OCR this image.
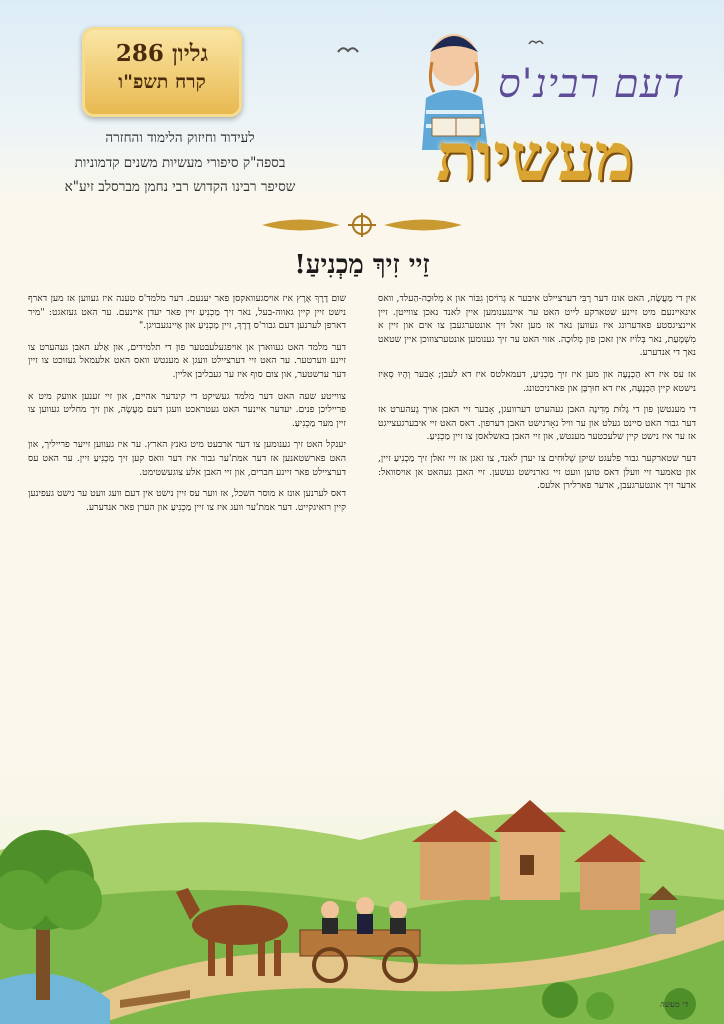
גליון 286
קרח תשפ"ו
לעידוד וחיזוק הלימוד והחזרה
בספה"ק סיפורי מעשיות משנים קדמוניות
שסיפר רבינו הקדוש רבי נחמן מברסלב זיע"א
דעם רבינ'ס
מעשיות
זַיי זִיךְ מַכְנִיעַ!

אין די מַעֲשֶׂה, האט אונז דער רֶבִּי דערציילט איבער א גְרוֹיסן גִבּוֹר און א מְלוּכָה-הַעלד, וואס אינאיינעם מיט זיינע שטארקע לייט האט ער איינגענומען איין לאנד נאכן צווייטן. זיין איינציגסטע פאדערונג איז געווען נאר אז מען זאל זיך אונטערגעבן צו אים און זיין א מִשְׁמָעַת, נאר בְּלוֹיז אין זאכן פון מְלוּכָה. אזוי האט ער זיך גענומען אונטערצוזוכן איין שטאט נאך די אנדערע.

אז עס איז דא הַכְנָעָה און מען איז זיך מַכְנִיעַ, דעמאלטס איז דא לעבן; אָבער וְהָיוּ סְאִיז נישטא קיין הַכְנָעָה, איז דא חוּרְבָּן און פארניכטונג.

די מענטשן פון די גָלוּת מְדִינָה האבן געהערט דערוועגן, אָבער זיי האבן אויך גֶעהערט אז דער גבור האט סיינט געלט און ער וויל נאָרנישט האבן דערפון. דאס האט זיי איבערגעצייגט אז ער איז נישט קיין שלעכטער מענטש, און זיי האבן באשלאסן צו זיין מַכְנִיעַ.

דער שטארקער גבור פלעגט שיקן שְׁלוּחִים צו יעדן לאנד, צו זאגן אז זיי זאלן זיך מַכְנִיעַ זיין, און טאמער זיי וועלן דאס טוען וועט זיי גארנישט געשען. זיי האבן געהאט אן אויסוואל: אדער זיך אונטערגעבן, אדער פארלירן אלעס.

שום דֶרֶךְ אֶרֶץ איז אויסגעוואקסן פאר יענעם. דער מלמד'ס טענה איז געווען אז מען דארף נישט זיין קיין גאווה-בעל, נאר זיך מַכְנִיעַ זיין פאר יעדן איינעם. ער האט געזאגט: "מיר דארפן לערנען דעם גבור'ס דֶרֶךְ, זיין מַכְנִיעַ און אַיינגעבויגן."

דער מלמד האט געווארן אן אויפגעלעבטער פון די תלמידים, און אַלע האבן געהערט צו זיינע ווערטער. ער האט זיי דערציילט וועגן א מענטש וואס האט אלעמאל געזוכט צו זיין דער ערשטער, און צום סוף איז ער געבליבן אליין.

צווייטע שעה האט דער מלמד געשיקט די קינדער אהיים, און זיי זענען אוועק מיט א פרייליכן פנים. יעדער איינער האט געטראכט וועגן דעם מַעֲשֶׂה, און זיך מחליט געווען צו זיין מער מַכְנִיעַ.

יענקל האט זיך גענומען צו דער ארבעט מיט גאנץ הארץ. ער איז געווען זייער פרייליך, און האט פארשטאנען אז דער אמת'ער גבור איז דער וואס קען זיך מַכְנִיעַ זיין. ער האט עס דערציילט פאר זיינע חברים, און זיי האבן אלע צוגעשטימט.

דאס לערנען אונז א מוסר השכל, אז ווער עס זיין נישט אין דעם וועג וועט ער נישט געפינען קיין רואיגקייט. דער אמת'ער וועג איז צו זיין מַכְנִיעַ און הערן פאר אנדערע.

די מעשה
